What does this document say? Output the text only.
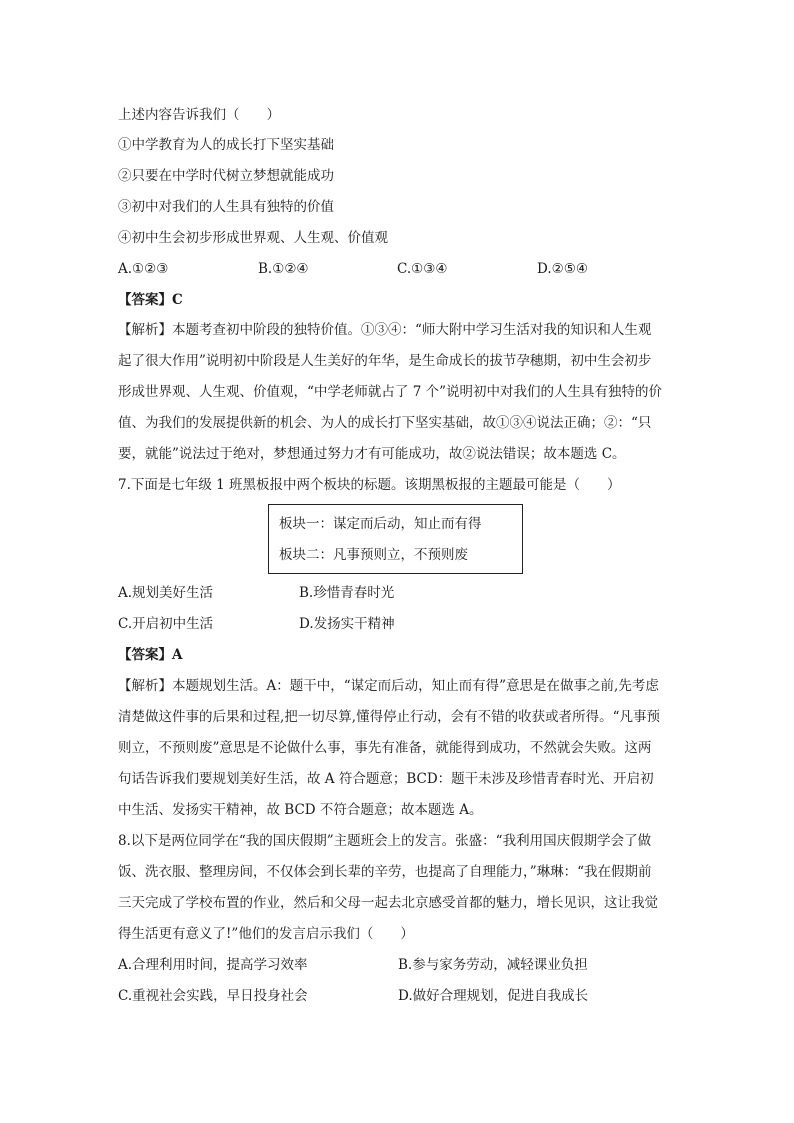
上述内容告诉我们（　　）
①中学教育为人的成长打下坚实基础
②只要在中学时代树立梦想就能成功
③初中对我们的人生具有独特的价值
④初中生会初步形成世界观、人生观、价值观
A.①②③	B.①②④	C.①③④	D.②⑤④
【答案】C
【解析】本题考查初中阶段的独特价值。①③④：“师大附中学习生活对我的知识和人生观
起了很大作用”说明初中阶段是人生美好的年华，是生命成长的拔节孕穗期，初中生会初步
形成世界观、人生观、价值观，“中学老师就占了 7 个”说明初中对我们的人生具有独特的价
值、为我们的发展提供新的机会、为人的成长打下坚实基础，故①③④说法正确；②：“只
要，就能”说法过于绝对，梦想通过努力才有可能成功，故②说法错误；故本题选 C。
7.下面是七年级 1 班黑板报中两个板块的标题。该期黑板报的主题最可能是（　　）
板块一：谋定而后动，知止而有得
板块二：凡事预则立，不预则废
A.规划美好生活	B.珍惜青春时光
C.开启初中生活	D.发扬实干精神
【答案】A
【解析】本题规划生活。A：题干中，“谋定而后动，知止而有得”意思是在做事之前,先考虑
清楚做这件事的后果和过程,把一切尽算,懂得停止行动，会有不错的收获或者所得。“凡事预
则立，不预则废”意思是不论做什么事，事先有准备，就能得到成功，不然就会失败。这两
句话告诉我们要规划美好生活，故 A 符合题意；BCD：题干未涉及珍惜青春时光、开启初
中生活、发扬实干精神，故 BCD 不符合题意；故本题选 A。
8.以下是两位同学在“我的国庆假期”主题班会上的发言。张盛：“我利用国庆假期学会了做
饭、洗衣服、整理房间，不仅体会到长辈的辛劳，也提高了自理能力，”琳琳：“我在假期前
三天完成了学校布置的作业，然后和父母一起去北京感受首都的魅力，增长见识，这让我觉
得生活更有意义了!”他们的发言启示我们（　　）
A.合理利用时间，提高学习效率	B.参与家务劳动，减轻课业负担
C.重视社会实践，早日投身社会	D.做好合理规划，促进自我成长
